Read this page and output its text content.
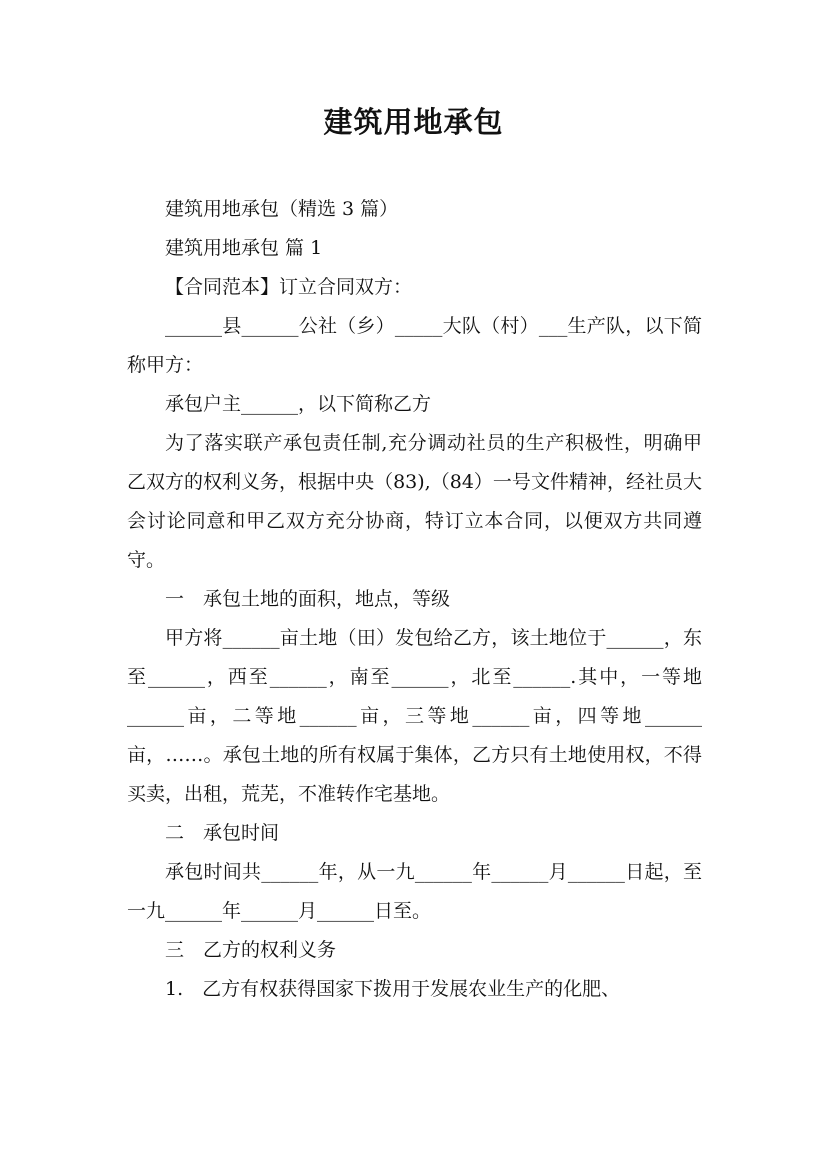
建筑用地承包

建筑用地承包（精选 3 篇）

建筑用地承包 篇 1

【合同范本】订立合同双方：

______县______公社（乡）_____大队（村）___生产队，以下简称甲方：

承包户主______，以下简称乙方

为了落实联产承包责任制,充分调动社员的生产积极性，明确甲乙双方的权利义务，根据中央（83),（84）一号文件精神，经社员大会讨论同意和甲乙双方充分协商，特订立本合同，以便双方共同遵守。

一　承包土地的面积，地点，等级

甲方将______亩土地（田）发包给乙方，该土地位于______，东至______，西至______，南至______，北至______.其中，一等地______亩，二等地______亩，三等地______亩，四等地______亩，……。承包土地的所有权属于集体，乙方只有土地使用权，不得买卖，出租，荒芜，不准转作宅基地。

二　承包时间

承包时间共______年，从一九______年______月______日起，至一九______年______月______日至。

三　乙方的权利义务

1.　乙方有权获得国家下拨用于发展农业生产的化肥、
